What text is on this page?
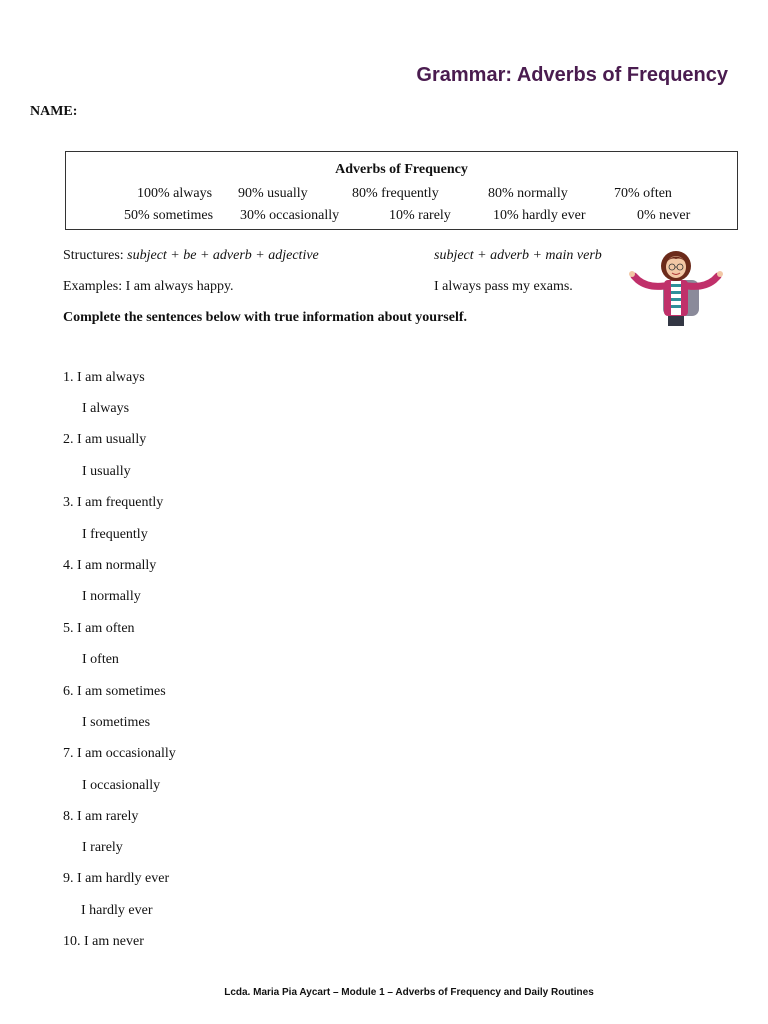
Grammar: Adverbs of Frequency
NAME:
Adverbs of Frequency
100% always 90% usually	80% frequently	80% normally	70% often
50% sometimes 30% occasionally	10% rarely	10% hardly ever	0% never
Structures: subject + be + adverb + adjective	subject + adverb + main verb
Examples: I am always happy.	I always pass my exams.
Complete the sentences below with true information about yourself.
1. I am always
I always
2. I am usually
I usually
3. I am frequently
I frequently
4. I am normally
I normally
5. I am often
I often
6. I am sometimes
I sometimes
7. I am occasionally
I occasionally
8. I am rarely
I rarely
9. I am hardly ever
I hardly ever
10. I am never
Lcda. Maria Pia Aycart – Module 1 – Adverbs of Frequency and Daily Routines
